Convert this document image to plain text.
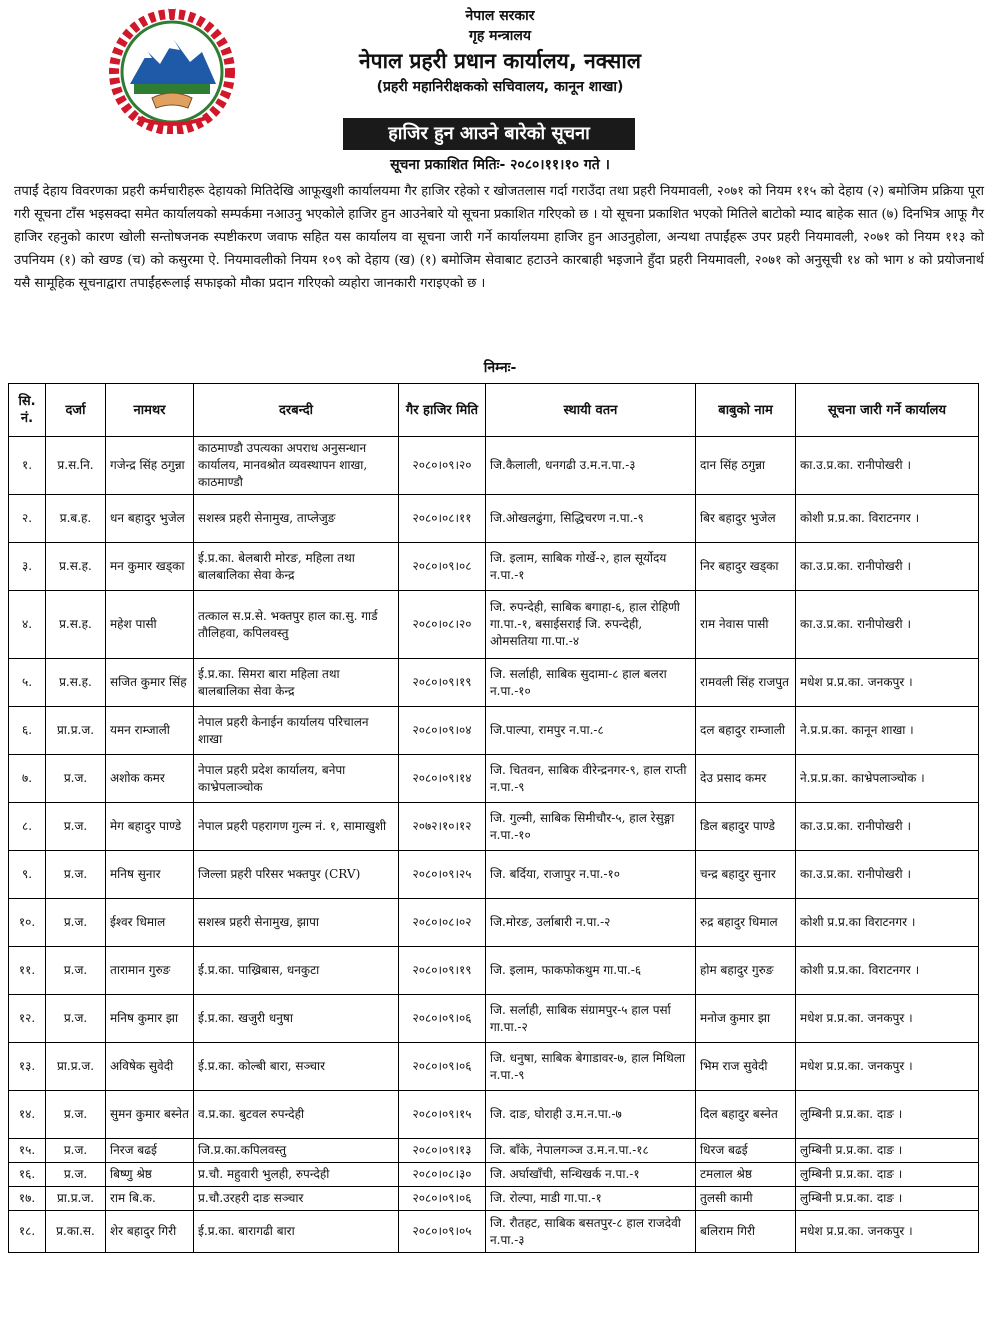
नेपाल सरकार
गृह मन्त्रालय
नेपाल प्रहरी प्रधान कार्यालय, नक्साल
(प्रहरी महानिरीक्षकको सचिवालय, कानून शाखा)
हाजिर हुन आउने बारेको सूचना
सूचना प्रकाशित मितिः- २०८०।११।१० गते ।
तपाईं देहाय विवरणका प्रहरी कर्मचारीहरू देहायको मितिदेखि आफूखुशी कार्यालयमा गैर हाजिर रहेको र खोजतलास गर्दा गराउँदा तथा प्रहरी नियमावली, २०७१ को नियम ११५ को देहाय (२) बमोजिम प्रक्रिया पूरा गरी सूचना टाँस भइसक्दा समेत कार्यालयको सम्पर्कमा नआउनु भएकोले हाजिर हुन आउनेबारे यो सूचना प्रकाशित गरिएको छ । यो सूचना प्रकाशित भएको मितिले बाटोको म्याद बाहेक सात (७) दिनभित्र आफू गैर हाजिर रहनुको कारण खोली सन्तोषजनक स्पष्टीकरण जवाफ सहित यस कार्यालय वा सूचना जारी गर्ने कार्यालयमा हाजिर हुन आउनुहोला, अन्यथा तपाईंहरू उपर प्रहरी नियमावली, २०७१ को नियम ११३ को उपनियम (१) को खण्ड (च) को कसुरमा ऐ. नियमावलीको नियम १०९ को देहाय (ख) (१) बमोजिम सेवाबाट हटाउने कारबाही भइजाने हुँदा प्रहरी नियमावली, २०७१ को अनुसूची १४ को भाग ४ को प्रयोजनार्थ यसै सामूहिक सूचनाद्वारा तपाईंहरूलाई सफाइको मौका प्रदान गरिएको व्यहोरा जानकारी गराइएको छ ।
निम्नः-
सि. नं.	दर्जा	नामथर	दरबन्दी	गैर हाजिर मिति	स्थायी वतन	बाबुको नाम	सूचना जारी गर्ने कार्यालय
१.	प्र.स.नि.	गजेन्द्र सिंह ठगुन्ना	काठमाण्डौ उपत्यका अपराध अनुसन्धान कार्यालय, मानवश्रोत व्यवस्थापन शाखा, काठमाण्डौ	२०८०।०९।२०	जि.कैलाली, धनगढी उ.म.न.पा.-३	दान सिंह ठगुन्ना	का.उ.प्र.का. रानीपोखरी ।
२.	प्र.ब.ह.	धन बहादुर भुजेल	सशस्त्र प्रहरी सेनामुख, ताप्लेजुङ	२०८०।०८।११	जि.ओखलढुंगा, सिद्धिचरण न.पा.-९	बिर बहादुर भुजेल	कोशी प्र.प्र.का. विराटनगर ।
३.	प्र.स.ह.	मन कुमार खड्का	ई.प्र.का. बेलबारी मोरङ, महिला तथा बालबालिका सेवा केन्द्र	२०८०।०९।०८	जि. इलाम, साबिक गोर्खे-२, हाल सूर्योदय न.पा.-१	निर बहादुर खड्का	का.उ.प्र.का. रानीपोखरी ।
४.	प्र.स.ह.	महेश पासी	तत्काल स.प्र.से. भक्तपुर हाल का.सु. गार्ड तौलिहवा, कपिलवस्तु	२०८०।०८।२०	जि. रुपन्देही, साबिक बगाहा-६, हाल रोहिणी गा.पा.-१, बसाईसराई जि. रुपन्देही, ओमसतिया गा.पा.-४	राम नेवास पासी	का.उ.प्र.का. रानीपोखरी ।
५.	प्र.स.ह.	सजित कुमार सिंह	ई.प्र.का. सिमरा बारा महिला तथा बालबालिका सेवा केन्द्र	२०८०।०९।१९	जि. सर्लाही, साबिक सुदामा-८ हाल बलरा न.पा.-१०	रामवली सिंह राजपुत	मधेश प्र.प्र.का. जनकपुर ।
६.	प्रा.प्र.ज.	यमन राम्जाली	नेपाल प्रहरी केनाईन कार्यालय परिचालन शाखा	२०८०।०९।०४	जि.पाल्पा, रामपुर न.पा.-८	दल बहादुर राम्जाली	ने.प्र.प्र.का. कानून शाखा ।
७.	प्र.ज.	अशोक कमर	नेपाल प्रहरी प्रदेश कार्यालय, बनेपा काभ्रेपलाञ्चोक	२०८०।०९।१४	जि. चितवन, साबिक वीरेन्द्रनगर-९, हाल राप्ती न.पा.-९	देउ प्रसाद कमर	ने.प्र.प्र.का. काभ्रेपलाञ्चोक ।
८.	प्र.ज.	मेग बहादुर पाण्डे	नेपाल प्रहरी पहरागण गुल्म नं. १, सामाखुशी	२०७२।१०।१२	जि. गुल्मी, साबिक सिमीचौर-५, हाल रेसुङ्गा न.पा.-१०	डिल बहादुर पाण्डे	का.उ.प्र.का. रानीपोखरी ।
९.	प्र.ज.	मनिष सुनार	जिल्ला प्रहरी परिसर भक्तपुर (CRV)	२०८०।०९।२५	जि. बर्दिया, राजापुर न.पा.-१०	चन्द्र बहादुर सुनार	का.उ.प्र.का. रानीपोखरी ।
१०.	प्र.ज.	ईश्वर धिमाल	सशस्त्र प्रहरी सेनामुख, झापा	२०८०।०८।०२	जि.मोरङ, उर्लाबारी न.पा.-२	रुद्र बहादुर धिमाल	कोशी प्र.प्र.का विराटनगर ।
११.	प्र.ज.	तारामान गुरुङ	ई.प्र.का. पाख्रिबास, धनकुटा	२०८०।०९।१९	जि. इलाम, फाकफोकथुम गा.पा.-६	होम बहादुर गुरुङ	कोशी प्र.प्र.का. विराटनगर ।
१२.	प्र.ज.	मनिष कुमार झा	ई.प्र.का. खजुरी धनुषा	२०८०।०९।०६	जि. सर्लाही, साबिक संग्रामपुर-५ हाल पर्सा गा.पा.-२	मनोज कुमार झा	मधेश प्र.प्र.का. जनकपुर ।
१३.	प्रा.प्र.ज.	अविषेक सुवेदी	ई.प्र.का. कोल्बी बारा, सञ्चार	२०८०।०९।०६	जि. धनुषा, साबिक बेगाडावर-७, हाल मिथिला न.पा.-९	भिम राज सुवेदी	मधेश प्र.प्र.का. जनकपुर ।
१४.	प्र.ज.	सुमन कुमार बस्नेत	व.प्र.का. बुटवल रुपन्देही	२०८०।०९।१५	जि. दाङ, घोराही उ.म.न.पा.-७	दिल बहादुर बस्नेत	लुम्बिनी प्र.प्र.का. दाङ ।
१५.	प्र.ज.	निरज बढई	जि.प्र.का.कपिलवस्तु	२०८०।०९।१३	जि. बाँके, नेपालगञ्ज उ.म.न.पा.-१८	धिरज बढई	लुम्बिनी प्र.प्र.का. दाङ ।
१६.	प्र.ज.	बिष्णु श्रेष्ठ	प्र.चौ. महुवारी भुलही, रुपन्देही	२०८०।०८।३०	जि. अर्घाखाँची, सन्धिखर्क न.पा.-१	टमलाल श्रेष्ठ	लुम्बिनी प्र.प्र.का. दाङ ।
१७.	प्रा.प्र.ज.	राम बि.क.	प्र.चौ.उरहरी दाङ सञ्चार	२०८०।०९।०६	जि. रोल्पा, माडी गा.पा.-१	तुलसी कामी	लुम्बिनी प्र.प्र.का. दाङ ।
१८.	प्र.का.स.	शेर बहादुर गिरी	ई.प्र.का. बारागढी बारा	२०८०।०९।०५	जि. रौतहट, साबिक बसतपुर-८ हाल राजदेवी न.पा.-३	बलिराम गिरी	मधेश प्र.प्र.का. जनकपुर ।
